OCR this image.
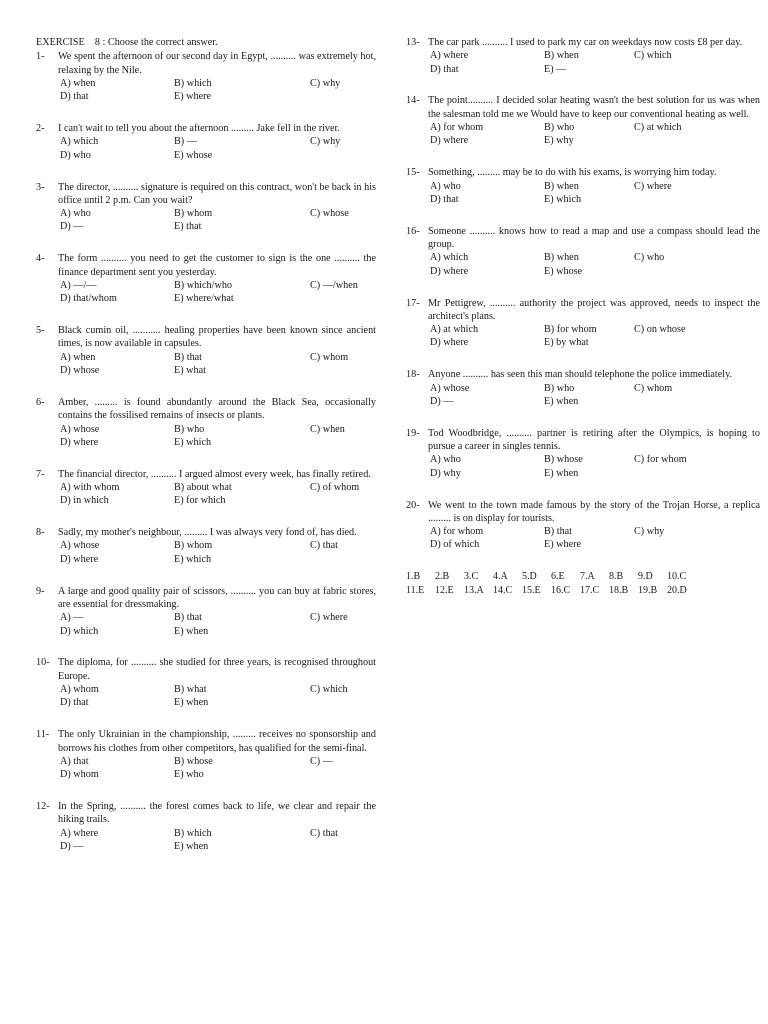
EXERCISE 8 : Choose the correct answer.
1-	We spent the afternoon of our second day in Egypt, .......... was extremely hot, relaxing by the Nile.
A) when	B) which	C) why
D) that	E) where
2-	I can't wait to tell you about the afternoon ......... Jake fell in the river.
A) which	B) —	C) why
D) who	E) whose
3-	The director, .......... signature is required on this contract, won't be back in his office until 2 p.m. Can you wait?
A) who	B) whom	C) whose
D) —	E) that
4-	The form .......... you need to get the customer to sign is the one .......... the finance department sent you yesterday.
A) —/—	B) which/who	C) —/when
D) that/whom	E) where/what
5-	Black cumin oil, ........... healing properties have been known since ancient times, is now available in capsules.
A) when	B) that	C) whom
D) whose	E) what
6-	Amber, ......... is found abundantly around the Black Sea, occasionally contains the fossilised remains of insects or plants.
A) whose	B) who	C) when
D) where	E) which
7-	The financial director, .......... I argued almost every week, has finally retired.
A) with whom	B) about what	C) of whom
D) in which	E) for which
8-	Sadly, my mother's neighbour, ......... I was always very fond of, has died.
A) whose	B) whom	C) that
D) where	E) which
9-	A large and good quality pair of scissors, .......... you can buy at fabric stores, are essential for dressmaking.
A) —	B) that	C) where
D) which	E) when
10- The diploma, for .......... she studied for three years, is recognised throughout Europe.
A) whom	B) what	C) which
D) that	E) when
11- The only Ukrainian in the championship, ......... receives no sponsorship and borrows his clothes from other competitors, has qualified for the semi-final.
A) that	B) whose	C) —
D) whom	E) who
12- In the Spring, .......... the forest comes back to life, we clear and repair the hiking trails.
A) where	B) which	C) that
D) —	E) when
13- The car park .......... I used to park my car on weekdays now costs £8 per day.
A) where	B) when	C) which
D) that	E) —
14- The point.......... I decided solar heating wasn't the best solution for us was when the salesman told me we Would have to keep our conventional heating as well.
A) for whom	B) who	C) at which
D) where	E) why
15- Something, ......... may be to do with his exams, is worrying him today.
A) who	B) when	C) where
D) that	E) which
16- Someone .......... knows how to read a map and use a compass should lead the group.
A) which	B) when	C) who
D) where	E) whose
17- Mr Pettigrew, .......... authority the project was approved, needs to inspect the architect's plans.
A) at which	B) for whom	C) on whose
D) where	E) by what
18- Anyone .......... has seen this man should telephone the police immediately.
A) whose	B) who	C) whom
D) —	E) when
19- Tod Woodbridge, .......... partner is retiring after the Olympics, is hoping to pursue a career in singles tennis.
A) who	B) whose	C) for whom
D) why	E) when
20- We went to the town made famous by the story of the Trojan Horse, a replica ......... is on display for tourists.
A) for whom	B) that	C) why
D) of which	E) where
1.B	2.B	3.C	4.A	5.D	6.E	7.A	8.B	9.D	10.C
11.E	12.E	13.A 14.C 15.E	16.C 17.C 18.B 19.B 20.D
